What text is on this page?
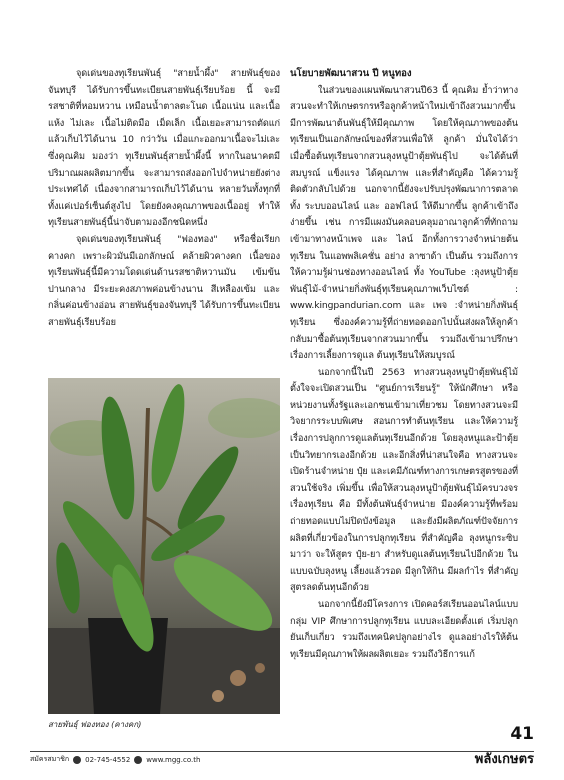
จุดเด่นของทุเรียนพันธุ์ "สายน้ำผึ้ง" สายพันธุ์ของจันทบุรี ได้รับการขึ้นทะเบียนสายพันธุ์เรียบร้อย นี้ จะมีรสชาติที่หอมหวาน เหมือนน้ำตาลตะโนด เนื้อแน่น และเนื้อแห้ง ไม่เละ เนื้อไม่ติดมือ เม็ดเล็ก เนื้อเยอะสามารถตัดแก่แล้วเก็บไว้ได้นาน 10 กว่าวัน เมื่อแกะออกมาเนื้อจะไม่เละ ซึ่งคุณคิม มองว่า ทุเรียนพันธุ์สายน้ำผึ้งนี้ หากในอนาคตมีปริมาณผลผลิตมากขึ้น จะสามารถส่งออกไปจำหน่ายยังต่างประเทศได้ เนื่องจากสามารถเก็บไว้ได้นาน หลายวันทั้งทุกที่ทั้งแค่เปอร์เซ็นต์สูงไป โดยยังคงคุณภาพของเนื้ออยู่ ทำให้ทุเรียนสายพันธุ์นี้น่าจับตามองอีกชนิดหนึ่ง

จุดเด่นของทุเรียนพันธุ์ "ฟองทอง" หรือชื่อเรียกคางคก เพราะผิวมันมีเอกลักษณ์ คล้ายผิวคางคก เนื้อของทุเรียนพันธุ์นี้มีความโดดเด่นด้านรสชาติหวานมัน เข้มข้นปานกลาง มีระยะคงสภาพค่อนข้างนาน สีเหลืองเข้ม และกลิ่นค่อนข้างอ่อน สายพันธุ์ของจันทบุรี ได้รับการขึ้นทะเบียนสายพันธุ์เรียบร้อย

สายพันธุ์ ฟองทอง (คางคก)

นโยบายพัฒนาสวน ปี หนูทอง

ในส่วนของแผนพัฒนาสวนปี63 นี้ คุณคิม ย้ำว่าทางสวนจะทำให้เกษตรกรหรือลูกค้าหน้าใหม่เข้าถึงสวนมากขึ้น มีการพัฒนาต้นพันธุ์ให้มีคุณภาพ โดยให้คุณภาพของต้นทุเรียนเป็นเอกลักษณ์ของที่สวนเพื่อให้ ลูกค้า มั่นใจได้ว่า เมื่อซื้อต้นทุเรียนจากสวนลุงหนูป้าตุ้ยพันธุ์ไป จะได้ต้นที่สมบูรณ์ แข็งแรง ได้คุณภาพ และที่สำคัญคือ ได้ความรู้ติดตัวกลับไปด้วย นอกจากนี้ยังจะปรับปรุงพัฒนาการตลาดทั้ง ระบบออนไลน์ และ ออฟไลน์ ให้ดีมากขึ้น ลูกค้าเข้าถึงง่ายขึ้น เช่น การมีแผงมันคลอบคลุมอาณาลูกค้าที่ทักถามเข้ามาทางหน้าเพจ และ ไลน์ อีกทั้งการวางจำหน่ายต้นทุเรียน ในแอพพลิเคชั่น อย่าง ลาซาด้า เป็นต้น รวมถึงการให้ความรู้ผ่านช่องทางออนไลน์ ทั้ง YouTube :ลุงหนูป้าตุ้ยพันธุ์ไม้-จำหน่ายกิ่งพันธุ์ทุเรียนคุณภาพเว็บไซต์ : www.kingpandurian.com และ เพจ :จำหน่ายกิ่งพันธุ์ทุเรียน ซึ่งองค์ความรู้ที่ถ่ายทอดออกไปนั้นส่งผลให้ลูกค้ากลับมาซื้อต้นทุเรียนจากสวนมากขึ้น รวมถึงเข้ามาปรึกษาเรื่องการเลี้ยงการดูแล ต้นทุเรียนให้สมบูรณ์

นอกจากนี้ในปี 2563 ทางสวนลุงหนูป้าตุ้ยพันธุ์ไม้ตั้งใจจะเปิดสวนเป็น "ศูนย์การเรียนรู้" ให้นักศึกษา หรือหน่วยงานทั้งรัฐและเอกชนเข้ามาเที่ยวชม โดยทางสวนจะมีวิจยากรระบบพิเศษ สอนการทำต้นทุเรียน และให้ความรู้เรื่องการปลูกการดูแลต้นทุเรียนอีกด้วย โดยลุงหนูและป้าตุ้ยเป็นวิทยากรเองอีกด้วย และอีกสิ่งที่น่าสนใจคือ ทางสวนจะเปิดร้านจำหน่าย ปุ๋ย และเคมีภัณฑ์ทางการเกษตรสูตรของที่สวนใช้จริง เพิ่มขึ้น เพื่อให้สวนลุงหนูป้าตุ้ยพันธุ์ไม้ครบวงจรเรื่องทุเรียน คือ มีทั้งต้นพันธุ์จำหน่าย มีองค์ความรู้ที่พร้อมถ่ายทอดแบบไม่ปิดบังข้อมูล และยังมีผลิตภัณฑ์ปัจจัยการผลิตที่เกี่ยวข้องในการปลูกทุเรียน ที่สำคัญคือ ลุงหนูกระซิบมาว่า จะให้สูตร ปุ๋ย-ยา สำหรับดูแลต้นทุเรียนไปอีกด้วย ในแบบฉบับลุงหนู เลี้ยงแล้วรอด มีลูกให้กิน มีผลกำไร ที่สำคัญสูตรลดต้นทุนอีกด้วย

นอกจากนี้ยังมีโครงการ เปิดคอร์สเรียนออนไลน์แบบกลุ่ม VIP ศึกษาการปลูกทุเรียน แบบละเอียดตั้งแต่ เริ่มปลูก ยันเก็บเกี่ยว รวมถึงเทคนิคปลูกอย่างไร ดูแลอย่างไรให้ต้นทุเรียนมีคุณภาพให้ผลผลิตเยอะ รวมถึงวิธีการแก้

41
สมัครสมาชิก 02-745-4552 www.mgg.co.th	พลังเกษตร
